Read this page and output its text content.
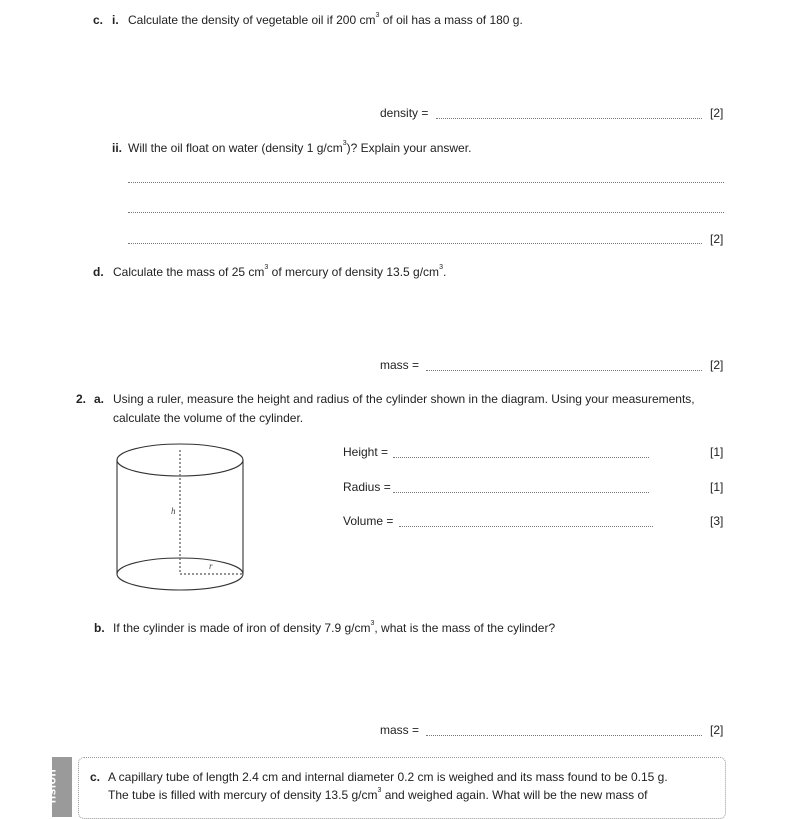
c. i. Calculate the density of vegetable oil if 200 $cm^3$ of oil has a mass of 180 g.
density =	[2]
ii. Will the oil float on water (density 1 $g/cm^3$)? Explain your answer.
[2]
d. Calculate the mass of 25 $cm^3$ of mercury of density 13.5 $g/cm^3$.
mass =	[2]
2. a. Using a ruler, measure the height and radius of the cylinder shown in the diagram. Using your measurements,
calculate the volume of the cylinder.
h
r
Height =	[1]
Radius =	[1]
Volume =	[3]
b. If the cylinder is made of iron of density 7.9 $g/cm^3$, what is the mass of the cylinder?
mass =	[2]
nsion	c. A capillary tube of length 2.4 cm and internal diameter 0.2 cm is weighed and its mass found to be 0.15 g.
The tube is filled with mercury of density 13.5 $g/cm^3$ and weighed again. What will be the new mass of
